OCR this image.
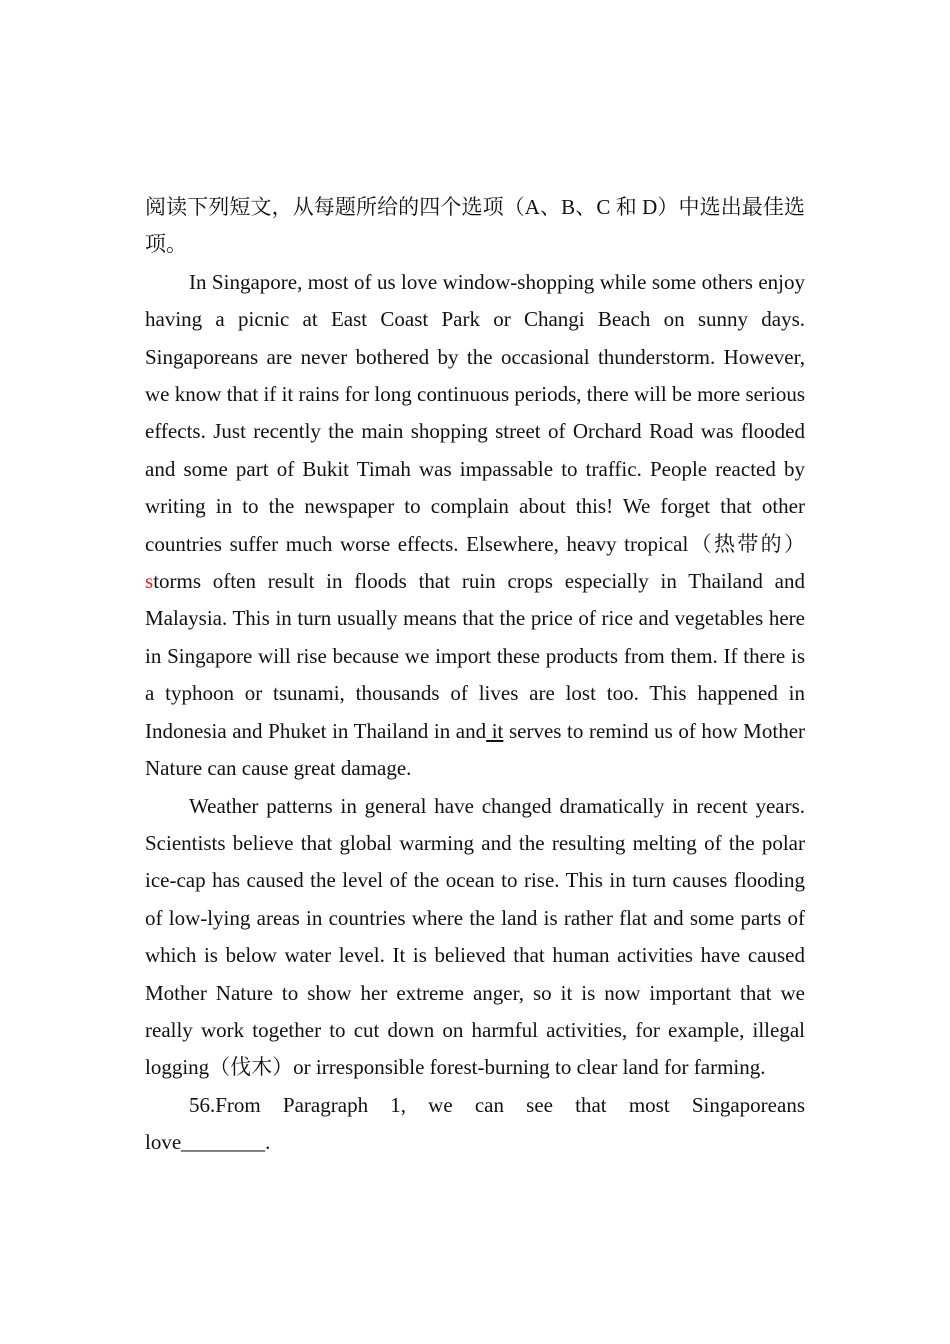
阅读下列短文，从每题所给的四个选项（A、B、C 和 D）中选出最佳选项。

In Singapore, most of us love window-shopping while some others enjoy having a picnic at East Coast Park or Changi Beach on sunny days. Singaporeans are never bothered by the occasional thunderstorm. However, we know that if it rains for long continuous periods, there will be more serious effects. Just recently the main shopping street of Orchard Road was flooded and some part of Bukit Timah was impassable to traffic. People reacted by writing in to the newspaper to complain about this! We forget that other countries suffer much worse effects. Elsewhere, heavy tropical（热带的）storms often result in floods that ruin crops especially in Thailand and Malaysia. This in turn usually means that the price of rice and vegetables here in Singapore will rise because we import these products from them. If there is a typhoon or tsunami, thousands of lives are lost too. This happened in Indonesia and Phuket in Thailand in and it serves to remind us of how Mother Nature can cause great damage.

Weather patterns in general have changed dramatically in recent years. Scientists believe that global warming and the resulting melting of the polar ice-cap has caused the level of the ocean to rise. This in turn causes flooding of low-lying areas in countries where the land is rather flat and some parts of which is below water level. It is believed that human activities have caused Mother Nature to show her extreme anger, so it is now important that we really work together to cut down on harmful activities, for example, illegal logging（伐木）or irresponsible forest-burning to clear land for farming.

56.From Paragraph 1, we can see that most Singaporeans

love________.
